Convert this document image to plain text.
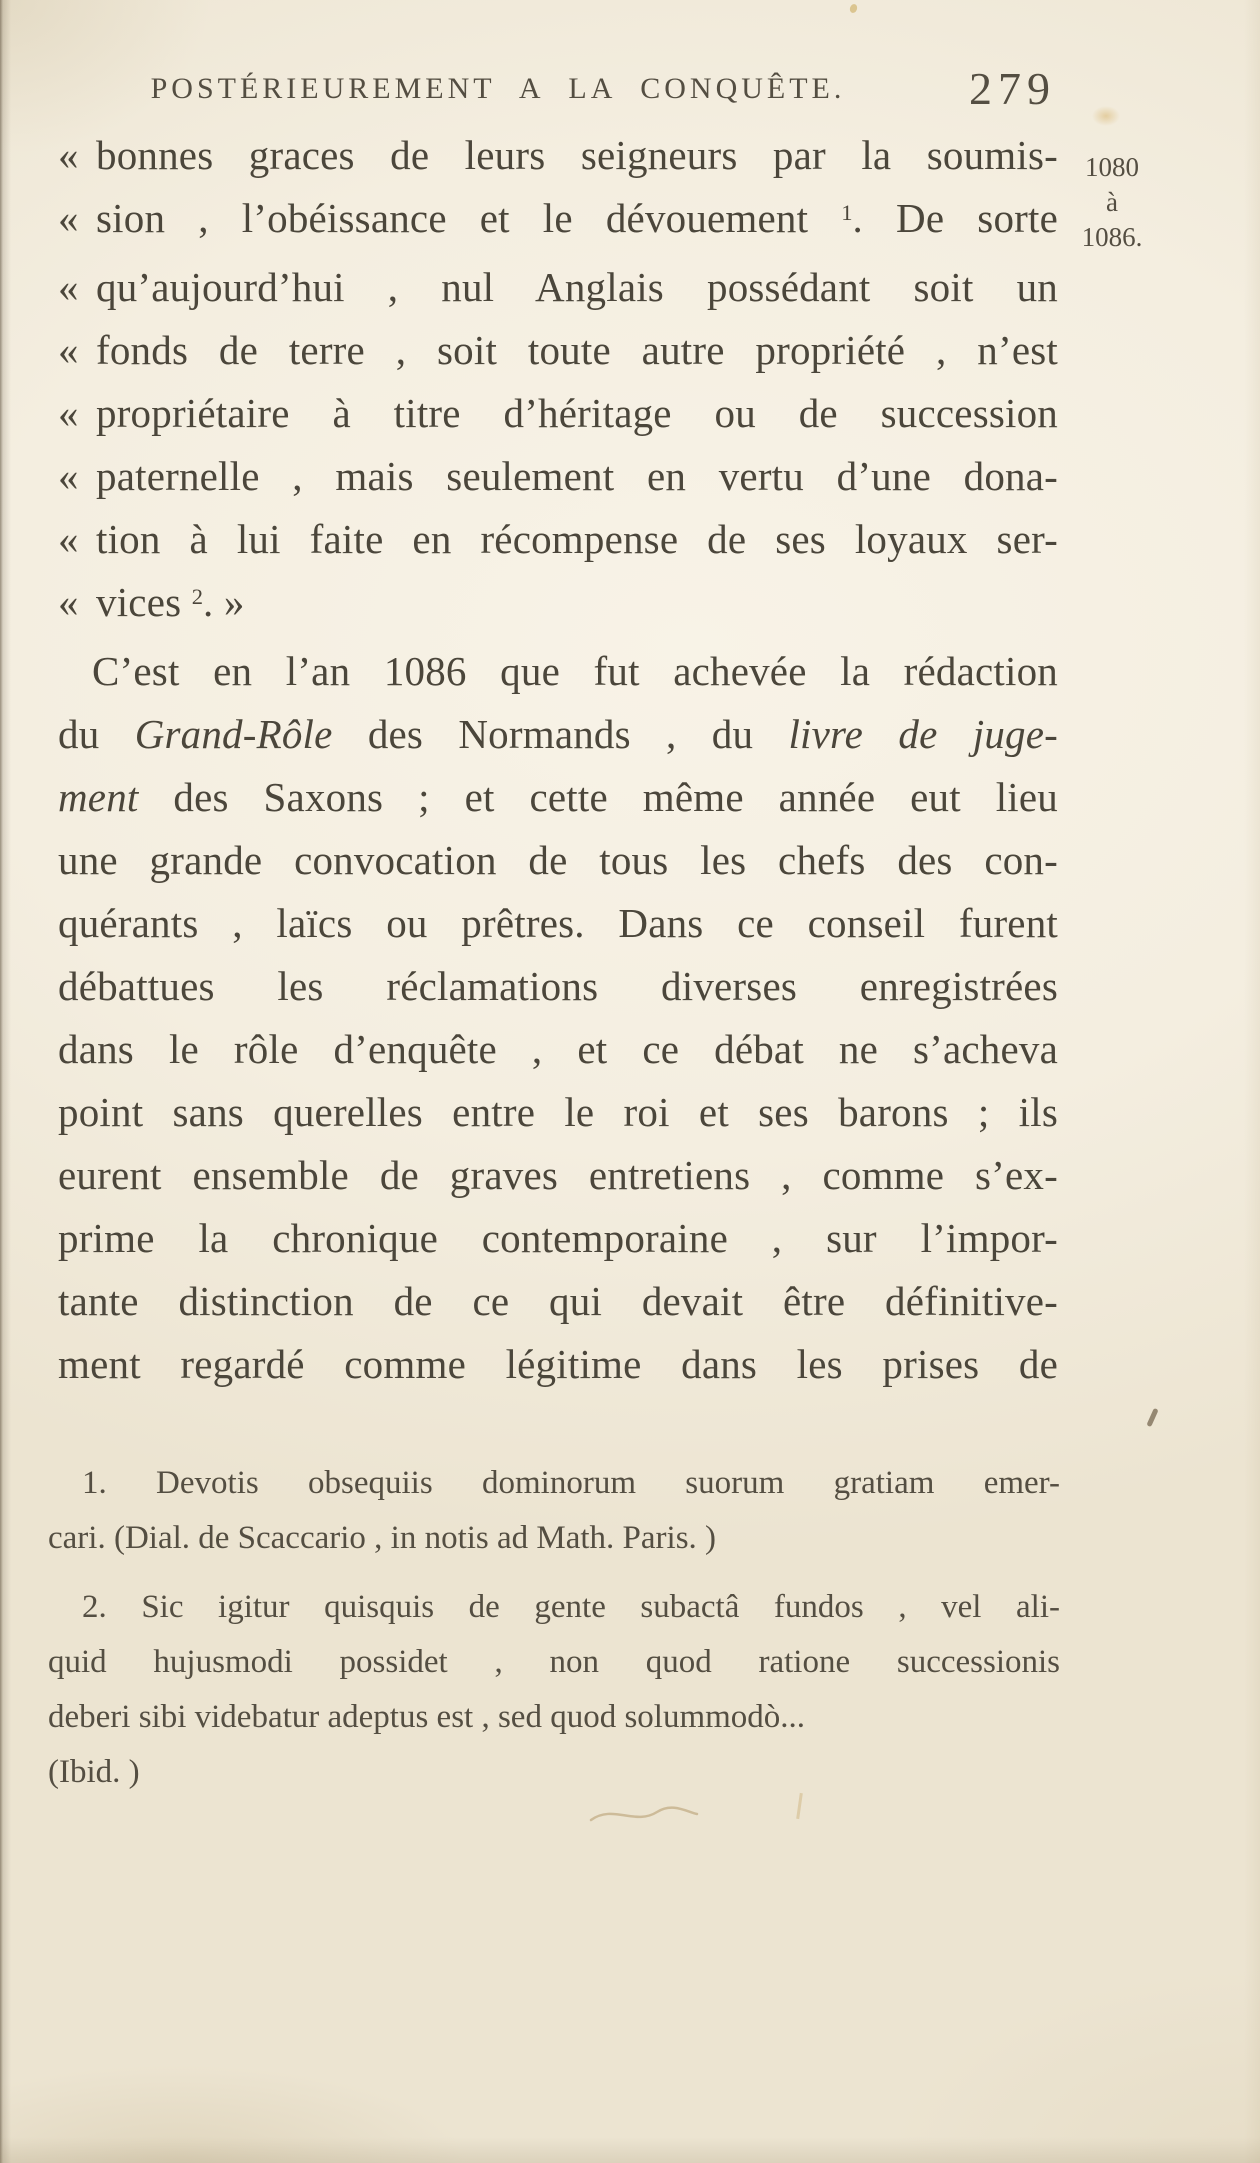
POSTÉRIEUREMENT A LA CONQUÊTE.	279
1080
à
1086.
« bonnes graces de leurs seigneurs par la soumis-
« sion , l’obéissance et le dévouement $^1$. De sorte
« qu’aujourd’hui , nul Anglais possédant soit un
« fonds de terre , soit toute autre propriété , n’est
« propriétaire à titre d’héritage ou de succession
« paternelle , mais seulement en vertu d’une dona-
« tion à lui faite en récompense de ses loyaux ser-
« vices $^2$. »
C’est en l’an 1086 que fut achevée la rédaction
du Grand-Rôle des Normands , du livre de juge-
ment des Saxons ; et cette même année eut lieu
une grande convocation de tous les chefs des con-
quérants , laïcs ou prêtres. Dans ce conseil furent
débattues les réclamations diverses enregistrées
dans le rôle d’enquête , et ce débat ne s’acheva
point sans querelles entre le roi et ses barons ; ils
eurent ensemble de graves entretiens , comme s’ex-
prime la chronique contemporaine , sur l’impor-
tante distinction de ce qui devait être définitive-
ment regardé comme légitime dans les prises de
1. Devotis obsequiis dominorum suorum gratiam emer-
cari. (Dial. de Scaccario , in notis ad Math. Paris. )
2. Sic igitur quisquis de gente subactâ fundos , vel ali-
quid hujusmodi possidet , non quod ratione successionis
deberi sibi videbatur adeptus est , sed quod solummodò...
(Ibid. )
